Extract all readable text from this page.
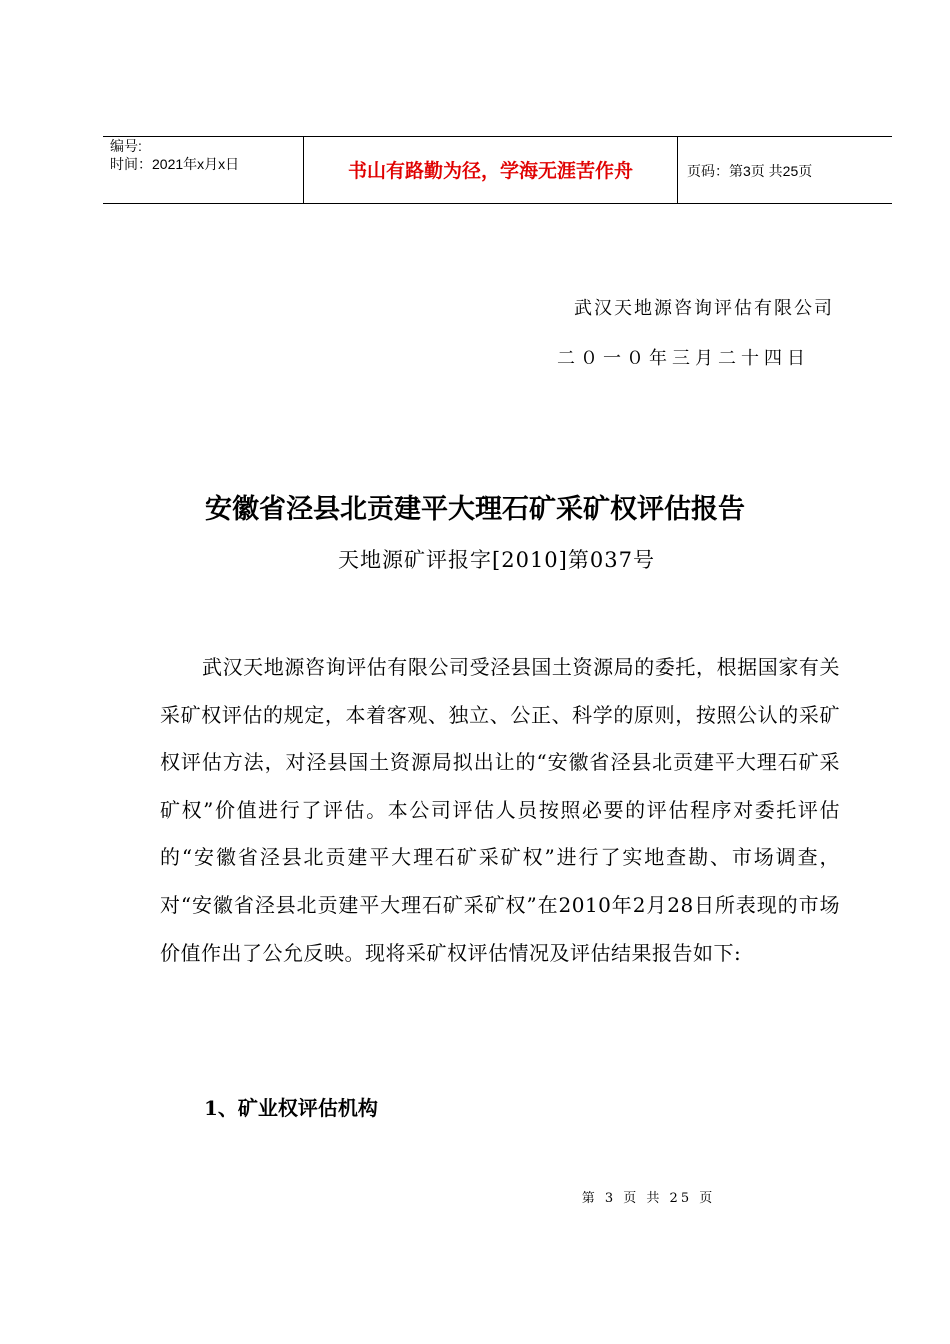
编号:
时间：2021年x月x日	书山有路勤为径，学海无涯苦作舟	页码：第3页 共25页
武汉天地源咨询评估有限公司
二０一０年三月二十四日
安徽省泾县北贡建平大理石矿采矿权评估报告
天地源矿评报字[2010]第037号

武汉天地源咨询评估有限公司受泾县国土资源局的委托，根据国家有关采矿权评估的规定，本着客观、独立、公正、科学的原则，按照公认的采矿权评估方法，对泾县国土资源局拟出让的“安徽省泾县北贡建平大理石矿采矿权”价值进行了评估。本公司评估人员按照必要的评估程序对委托评估的“安徽省泾县北贡建平大理石矿采矿权”进行了实地查勘、市场调查，对“安徽省泾县北贡建平大理石矿采矿权”在2010年2月28日所表现的市场价值作出了公允反映。现将采矿权评估情况及评估结果报告如下:

1、矿业权评估机构
第 3 页 共 25 页
